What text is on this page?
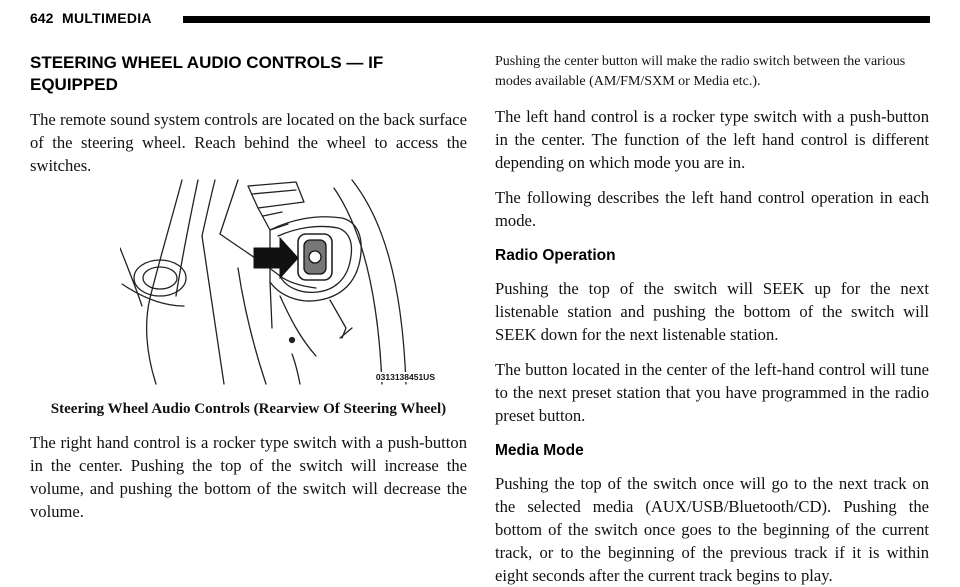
642 MULTIMEDIA
STEERING WHEEL AUDIO CONTROLS — IF EQUIPPED

The remote sound system controls are located on the back surface of the steering wheel. Reach behind the wheel to access the switches.

0313138451US

Steering Wheel Audio Controls (Rearview Of Steering Wheel)

The right hand control is a rocker type switch with a push-button in the center. Pushing the top of the switch will increase the volume, and pushing the bottom of the switch will decrease the volume.

Pushing the center button will make the radio switch between the various modes available (AM/FM/SXM or Media etc.).

The left hand control is a rocker type switch with a push-button in the center. The function of the left hand control is different depending on which mode you are in.

The following describes the left hand control operation in each mode.

Radio Operation

Pushing the top of the switch will SEEK up for the next listenable station and pushing the bottom of the switch will SEEK down for the next listenable station.

The button located in the center of the left-hand control will tune to the next preset station that you have programmed in the radio preset button.

Media Mode

Pushing the top of the switch once will go to the next track on the selected media (AUX/USB/Bluetooth/CD). Pushing the bottom of the switch once goes to the beginning of the current track, or to the beginning of the previous track if it is within eight seconds after the current track begins to play.
